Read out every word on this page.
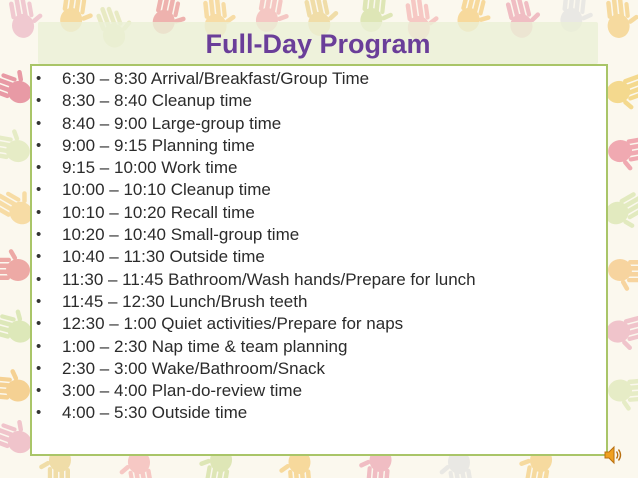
Full-Day Program
•	6:30 – 8:30 Arrival/Breakfast/Group Time
•	8:30 – 8:40 Cleanup time
•	8:40 – 9:00 Large-group time
•	9:00 – 9:15 Planning time
•	9:15 – 10:00 Work time
•	10:00 – 10:10 Cleanup time
•	10:10 – 10:20 Recall time
•	10:20 – 10:40 Small-group time
•	10:40 – 11:30 Outside time
•	11:30 – 11:45 Bathroom/Wash hands/Prepare for lunch
•	11:45 – 12:30 Lunch/Brush teeth
•	12:30 – 1:00 Quiet activities/Prepare for naps
•	1:00 – 2:30 Nap time & team planning
•	2:30 – 3:00 Wake/Bathroom/Snack
•	3:00 – 4:00 Plan-do-review time
•	4:00 – 5:30 Outside time
